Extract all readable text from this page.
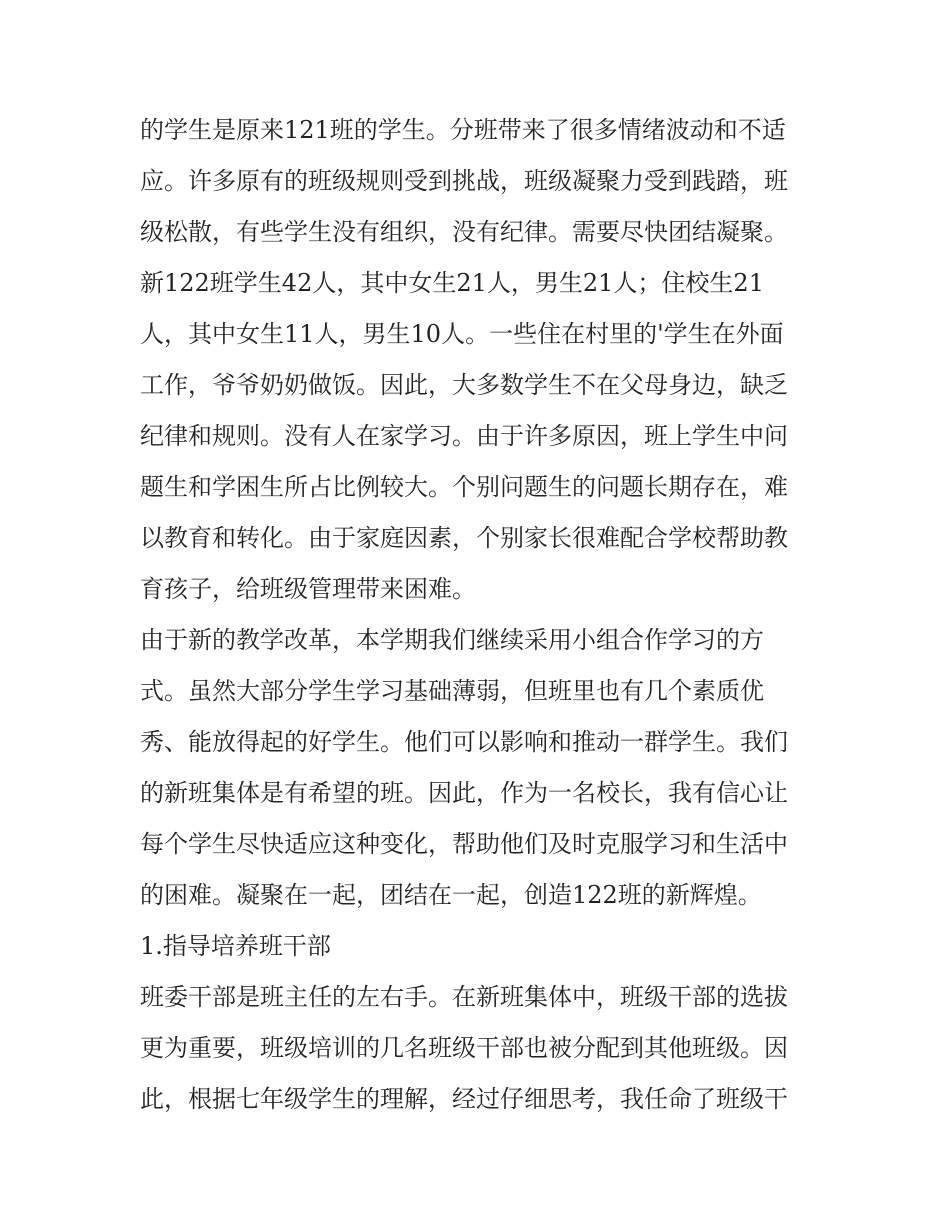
的学生是原来121班的学生。分班带来了很多情绪波动和不适
应。许多原有的班级规则受到挑战，班级凝聚力受到践踏，班
级松散，有些学生没有组织，没有纪律。需要尽快团结凝聚。
新122班学生42人，其中女生21人，男生21人；住校生21
人，其中女生11人，男生10人。一些住在村里的'学生在外面
工作，爷爷奶奶做饭。因此，大多数学生不在父母身边，缺乏
纪律和规则。没有人在家学习。由于许多原因，班上学生中问
题生和学困生所占比例较大。个别问题生的问题长期存在，难
以教育和转化。由于家庭因素，个别家长很难配合学校帮助教
育孩子，给班级管理带来困难。
由于新的教学改革，本学期我们继续采用小组合作学习的方
式。虽然大部分学生学习基础薄弱，但班里也有几个素质优
秀、能放得起的好学生。他们可以影响和推动一群学生。我们
的新班集体是有希望的班。因此，作为一名校长，我有信心让
每个学生尽快适应这种变化，帮助他们及时克服学习和生活中
的困难。凝聚在一起，团结在一起，创造122班的新辉煌。
1.指导培养班干部
班委干部是班主任的左右手。在新班集体中，班级干部的选拔
更为重要，班级培训的几名班级干部也被分配到其他班级。因
此，根据七年级学生的理解，经过仔细思考，我任命了班级干
